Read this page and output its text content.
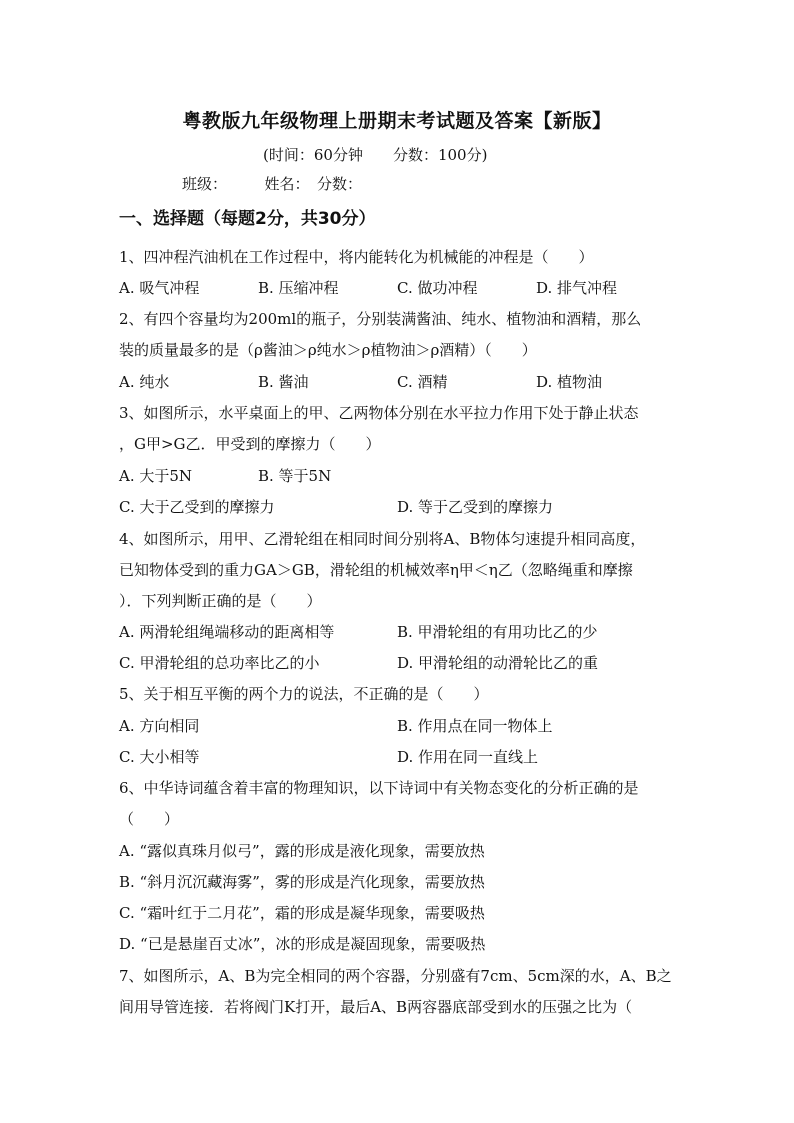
粤教版九年级物理上册期末考试题及答案【新版】
(时间：60分钟　　分数：100分)
班级：　　　姓名：　分数：
一、选择题（每题2分，共30分）
1、四冲程汽油机在工作过程中，将内能转化为机械能的冲程是（　　）
A. 吸气冲程	B. 压缩冲程	C. 做功冲程	D. 排气冲程
2、有四个容量均为200ml的瓶子，分别装满酱油、纯水、植物油和酒精，那么
装的质量最多的是（ρ酱油＞ρ纯水＞ρ植物油＞ρ酒精）（　　）
A. 纯水	B. 酱油	C. 酒精	D. 植物油
3、如图所示，水平桌面上的甲、乙两物体分别在水平拉力作用下处于静止状态
，G甲>G乙．甲受到的摩擦力（　　）
A. 大于5N	B. 等于5N
C. 大于乙受到的摩擦力	D. 等于乙受到的摩擦力
4、如图所示，用甲、乙滑轮组在相同时间分别将A、B物体匀速提升相同高度，
已知物体受到的重力GA＞GB，滑轮组的机械效率η甲＜η乙（忽略绳重和摩擦
）．下列判断正确的是（　　）
A. 两滑轮组绳端移动的距离相等	B. 甲滑轮组的有用功比乙的少
C. 甲滑轮组的总功率比乙的小	D. 甲滑轮组的动滑轮比乙的重
5、关于相互平衡的两个力的说法，不正确的是（　　）
A. 方向相同	B. 作用点在同一物体上
C. 大小相等	D. 作用在同一直线上
6、中华诗词蕴含着丰富的物理知识，以下诗词中有关物态变化的分析正确的是
（　　）
A. “露似真珠月似弓”，露的形成是液化现象，需要放热
B. “斜月沉沉藏海雾”，雾的形成是汽化现象，需要放热
C. “霜叶红于二月花”，霜的形成是凝华现象，需要吸热
D. “已是悬崖百丈冰”，冰的形成是凝固现象，需要吸热
7、如图所示，A、B为完全相同的两个容器，分别盛有7cm、5cm深的水，A、B之
间用导管连接．若将阀门K打开，最后A、B两容器底部受到水的压强之比为（
